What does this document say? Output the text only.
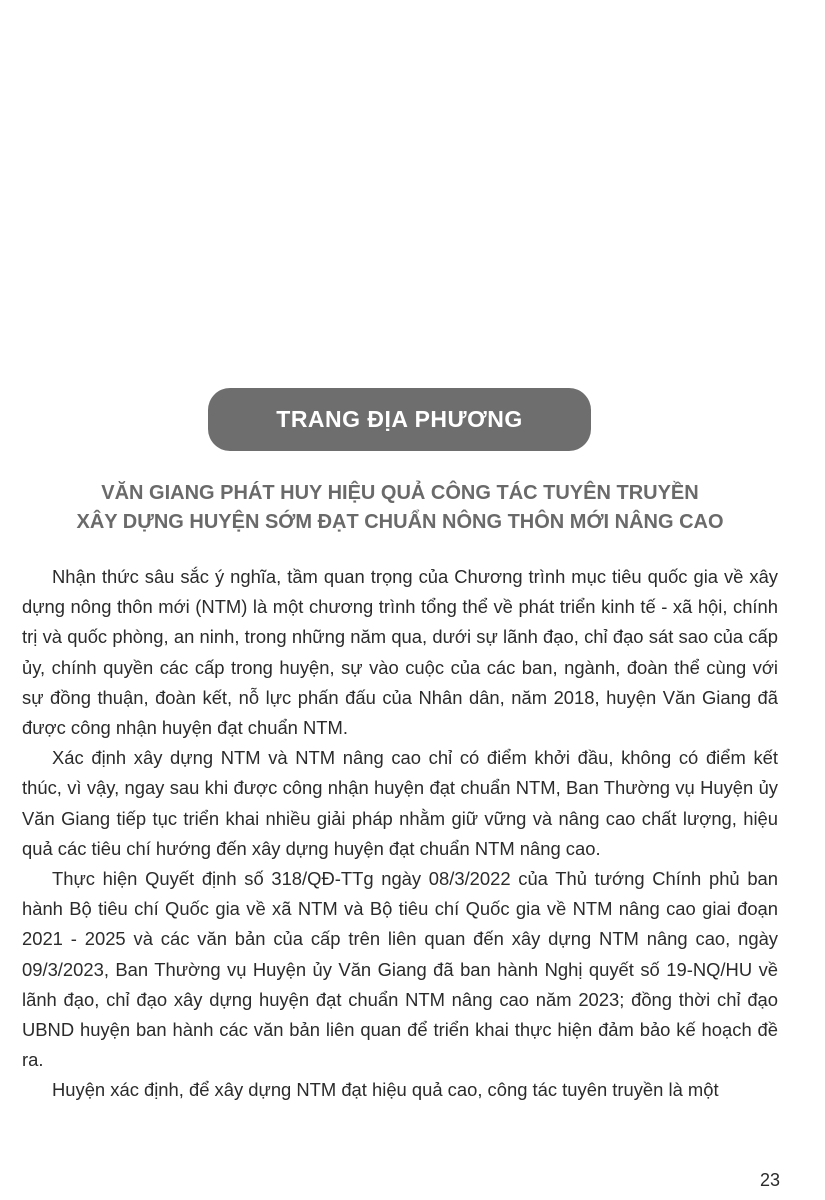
TRANG ĐỊA PHƯƠNG
VĂN GIANG PHÁT HUY HIỆU QUẢ CÔNG TÁC TUYÊN TRUYỀN
XÂY DỰNG HUYỆN SỚM ĐẠT CHUẨN NÔNG THÔN MỚI NÂNG CAO

Nhận thức sâu sắc ý nghĩa, tầm quan trọng của Chương trình mục tiêu quốc gia về xây dựng nông thôn mới (NTM) là một chương trình tổng thể về phát triển kinh tế - xã hội, chính trị và quốc phòng, an ninh, trong những năm qua, dưới sự lãnh đạo, chỉ đạo sát sao của cấp ủy, chính quyền các cấp trong huyện, sự vào cuộc của các ban, ngành, đoàn thể cùng với sự đồng thuận, đoàn kết, nỗ lực phấn đấu của Nhân dân, năm 2018, huyện Văn Giang đã được công nhận huyện đạt chuẩn NTM.

Xác định xây dựng NTM và NTM nâng cao chỉ có điểm khởi đầu, không có điểm kết thúc, vì vậy, ngay sau khi được công nhận huyện đạt chuẩn NTM, Ban Thường vụ Huyện ủy Văn Giang tiếp tục triển khai nhiều giải pháp nhằm giữ vững và nâng cao chất lượng, hiệu quả các tiêu chí hướng đến xây dựng huyện đạt chuẩn NTM nâng cao.

Thực hiện Quyết định số 318/QĐ-TTg ngày 08/3/2022 của Thủ tướng Chính phủ ban hành Bộ tiêu chí Quốc gia về xã NTM và Bộ tiêu chí Quốc gia về NTM nâng cao giai đoạn 2021 - 2025 và các văn bản của cấp trên liên quan đến xây dựng NTM nâng cao, ngày 09/3/2023, Ban Thường vụ Huyện ủy Văn Giang đã ban hành Nghị quyết số 19-NQ/HU về lãnh đạo, chỉ đạo xây dựng huyện đạt chuẩn NTM nâng cao năm 2023; đồng thời chỉ đạo UBND huyện ban hành các văn bản liên quan để triển khai thực hiện đảm bảo kế hoạch đề ra.

Huyện xác định, để xây dựng NTM đạt hiệu quả cao, công tác tuyên truyền là một

23
